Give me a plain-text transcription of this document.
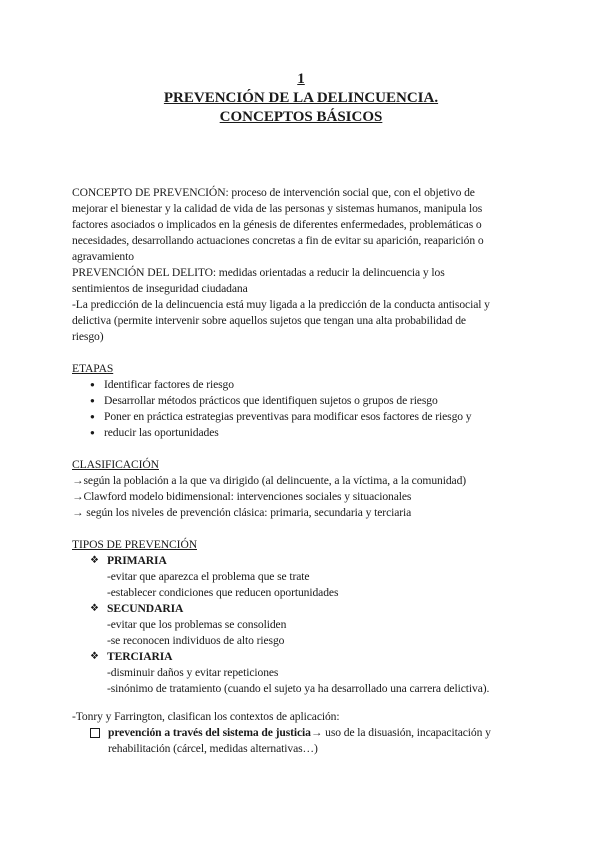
1
PREVENCIÓN DE LA DELINCUENCIA.
CONCEPTOS BÁSICOS

CONCEPTO DE PREVENCIÓN: proceso de intervención social que, con el objetivo de

mejorar el bienestar y la calidad de vida de las personas y sistemas humanos, manipula los

factores asociados o implicados en la génesis de diferentes enfermedades, problemáticas o

necesidades, desarrollando actuaciones concretas a fin de evitar su aparición, reaparición o

agravamiento

PREVENCIÓN DEL DELITO: medidas orientadas a reducir la delincuencia y los

sentimientos de inseguridad ciudadana

-La predicción de la delincuencia está muy ligada a la predicción de la conducta antisocial y

delictiva (permite intervenir sobre aquellos sujetos que tengan una alta probabilidad de

riesgo)

ETAPAS
● Identificar factores de riesgo
● Desarrollar métodos prácticos que identifiquen sujetos o grupos de riesgo
● Poner en práctica estrategias preventivas para modificar esos factores de riesgo y
● reducir las oportunidades
CLASIFICACIÓN

→según la población a la que va dirigido (al delincuente, a la víctima, a la comunidad)

→Clawford modelo bidimensional: intervenciones sociales y situacionales

→ según los niveles de prevención clásica: primaria, secundaria y terciaria

TIPOS DE PREVENCIÓN
❖ PRIMARIA
-evitar que aparezca el problema que se trate
-establecer condiciones que reducen oportunidades
❖ SECUNDARIA
-evitar que los problemas se consoliden
-se reconocen individuos de alto riesgo
❖ TERCIARIA
-disminuir daños y evitar repeticiones
-sinónimo de tratamiento (cuando el sujeto ya ha desarrollado una carrera delictiva).
-Tonry y Farrington, clasifican los contextos de aplicación:
prevención a través del sistema de justicia→ uso de la disuasión, incapacitación y
rehabilitación (cárcel, medidas alternativas…)
